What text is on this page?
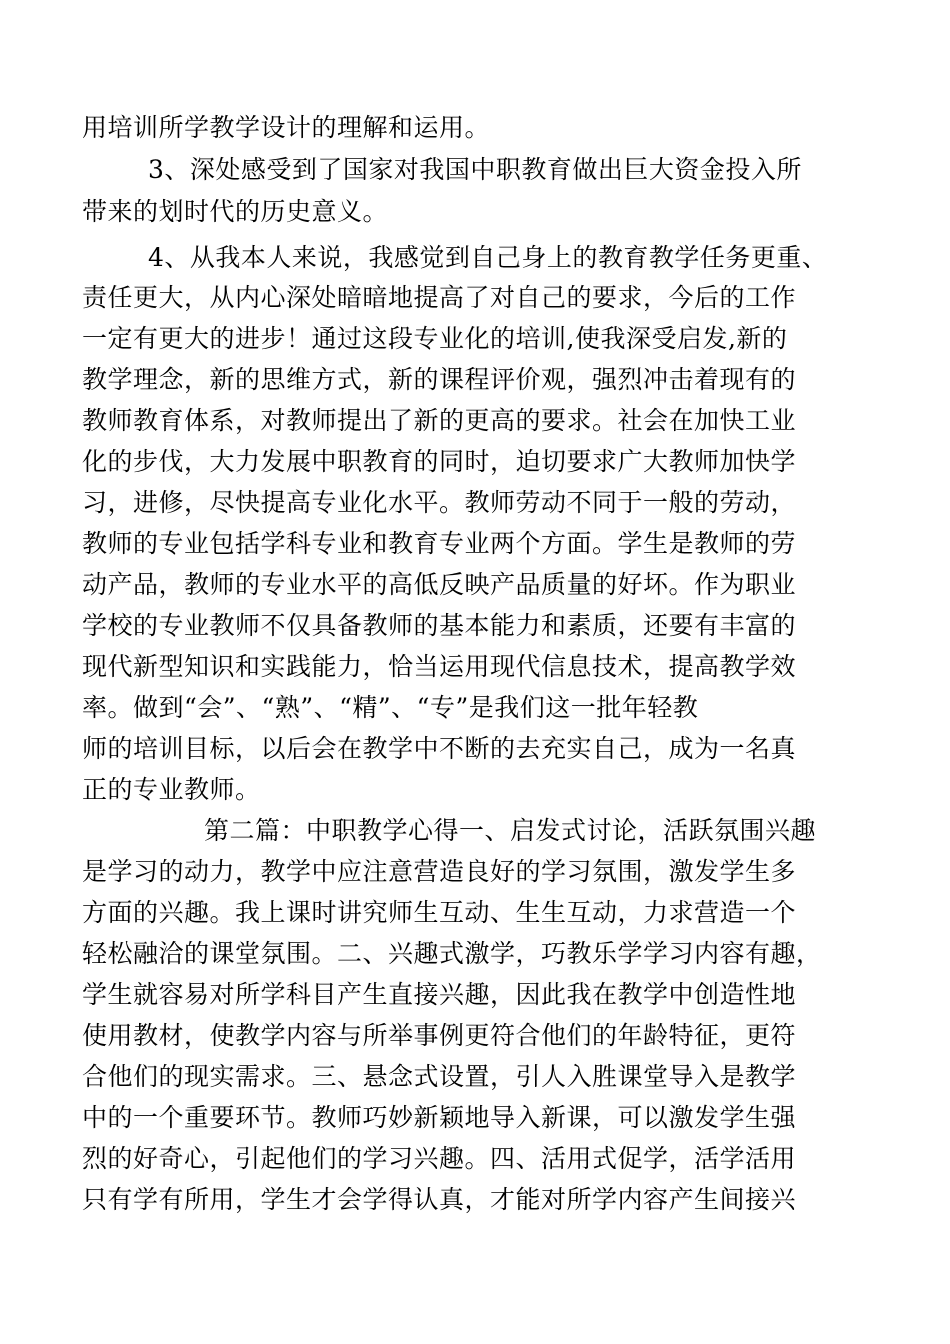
用培训所学教学设计的理解和运用。
3、深处感受到了国家对我国中职教育做出巨大资金投入所
带来的划时代的历史意义。
4、从我本人来说，我感觉到自己身上的教育教学任务更重、
责任更大，从内心深处暗暗地提高了对自己的要求，今后的工作
一定有更大的进步！通过这段专业化的培训,使我深受启发,新的
教学理念，新的思维方式，新的课程评价观，强烈冲击着现有的
教师教育体系，对教师提出了新的更高的要求。社会在加快工业
化的步伐，大力发展中职教育的同时，迫切要求广大教师加快学
习，进修，尽快提高专业化水平。教师劳动不同于一般的劳动，
教师的专业包括学科专业和教育专业两个方面。学生是教师的劳
动产品，教师的专业水平的高低反映产品质量的好坏。作为职业
学校的专业教师不仅具备教师的基本能力和素质，还要有丰富的
现代新型知识和实践能力，恰当运用现代信息技术，提高教学效
率。做到“会”、“熟”、“精”、“专”是我们这一批年轻教
师的培训目标，以后会在教学中不断的去充实自己，成为一名真
正的专业教师。
第二篇：中职教学心得一、启发式讨论，活跃氛围兴趣
是学习的动力，教学中应注意营造良好的学习氛围，激发学生多
方面的兴趣。我上课时讲究师生互动、生生互动，力求营造一个
轻松融洽的课堂氛围。二、兴趣式激学，巧教乐学学习内容有趣，
学生就容易对所学科目产生直接兴趣，因此我在教学中创造性地
使用教材，使教学内容与所举事例更符合他们的年龄特征，更符
合他们的现实需求。三、悬念式设置，引人入胜课堂导入是教学
中的一个重要环节。教师巧妙新颖地导入新课，可以激发学生强
烈的好奇心，引起他们的学习兴趣。四、活用式促学，活学活用
只有学有所用，学生才会学得认真，才能对所学内容产生间接兴
